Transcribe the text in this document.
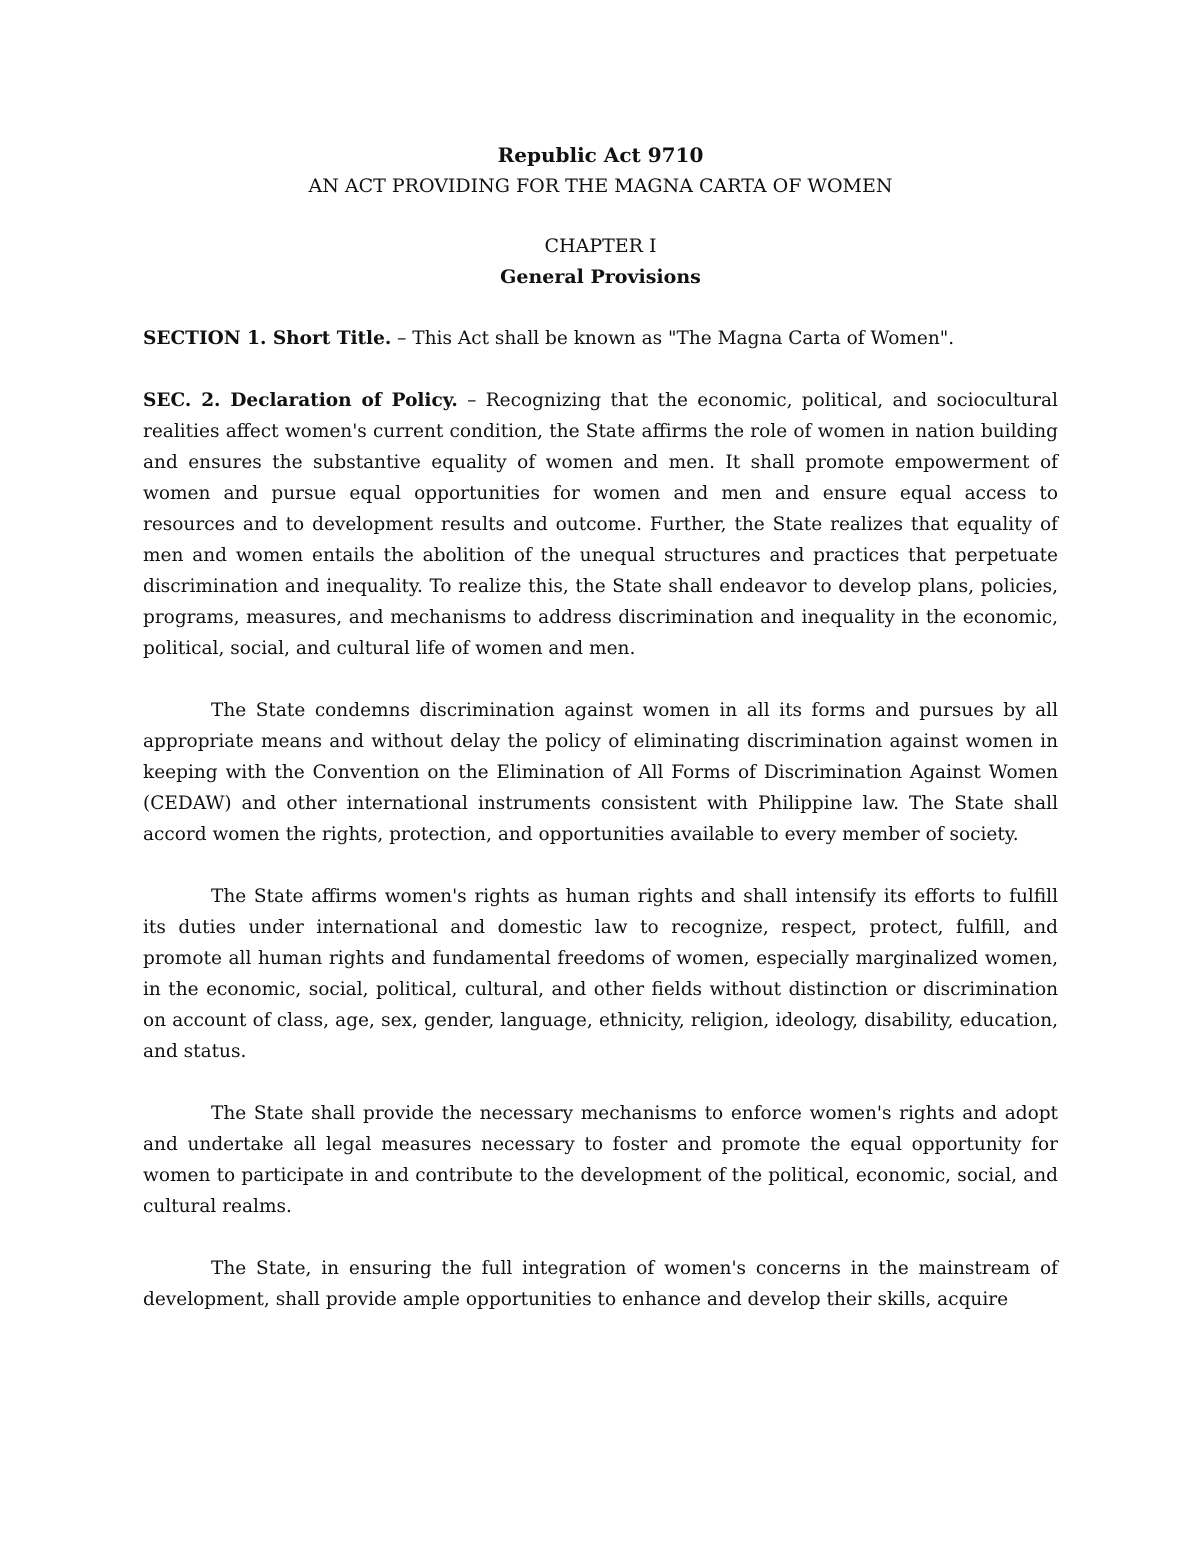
Republic Act 9710

AN ACT PROVIDING FOR THE MAGNA CARTA OF WOMEN

CHAPTER I

General Provisions

SECTION 1. Short Title. – This Act shall be known as "The Magna Carta of Women".

SEC. 2. Declaration of Policy. – Recognizing that the economic, political, and sociocultural realities affect women's current condition, the State affirms the role of women in nation building and ensures the substantive equality of women and men. It shall promote empowerment of women and pursue equal opportunities for women and men and ensure equal access to resources and to development results and outcome. Further, the State realizes that equality of men and women entails the abolition of the unequal structures and practices that perpetuate discrimination and inequality. To realize this, the State shall endeavor to develop plans, policies, programs, measures, and mechanisms to address discrimination and inequality in the economic, political, social, and cultural life of women and men.

The State condemns discrimination against women in all its forms and pursues by all appropriate means and without delay the policy of eliminating discrimination against women in keeping with the Convention on the Elimination of All Forms of Discrimination Against Women (CEDAW) and other international instruments consistent with Philippine law. The State shall accord women the rights, protection, and opportunities available to every member of society.

The State affirms women's rights as human rights and shall intensify its efforts to fulfill its duties under international and domestic law to recognize, respect, protect, fulfill, and promote all human rights and fundamental freedoms of women, especially marginalized women, in the economic, social, political, cultural, and other fields without distinction or discrimination on account of class, age, sex, gender, language, ethnicity, religion, ideology, disability, education, and status.

The State shall provide the necessary mechanisms to enforce women's rights and adopt and undertake all legal measures necessary to foster and promote the equal opportunity for women to participate in and contribute to the development of the political, economic, social, and cultural realms.

The State, in ensuring the full integration of women's concerns in the mainstream of development, shall provide ample opportunities to enhance and develop their skills, acquire
